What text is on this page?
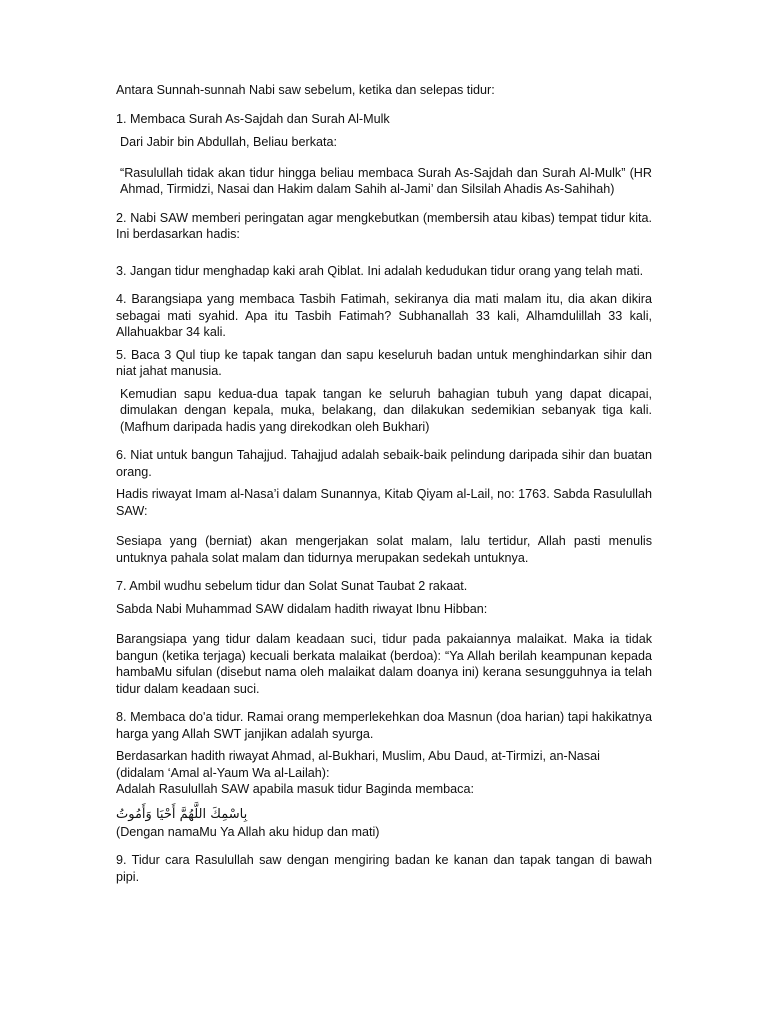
Antara Sunnah-sunnah Nabi saw sebelum, ketika dan selepas tidur:

1. Membaca Surah As-Sajdah dan Surah Al-Mulk

Dari Jabir bin Abdullah, Beliau berkata:

“Rasulullah tidak akan tidur hingga beliau membaca Surah As-Sajdah dan Surah Al-Mulk” (HR Ahmad, Tirmidzi, Nasai dan Hakim dalam Sahih al-Jami’ dan Silsilah Ahadis As-Sahihah)

2. Nabi SAW memberi peringatan agar mengkebutkan (membersih atau kibas) tempat tidur kita. Ini berdasarkan hadis:

3. Jangan tidur menghadap kaki arah Qiblat. Ini adalah kedudukan tidur orang yang telah mati.

4. Barangsiapa yang membaca Tasbih Fatimah, sekiranya dia mati malam itu, dia akan dikira sebagai mati syahid. Apa itu Tasbih Fatimah? Subhanallah 33 kali, Alhamdulillah 33 kali, Allahuakbar 34 kali.

5. Baca 3 Qul tiup ke tapak tangan dan sapu keseluruh badan untuk menghindarkan sihir dan niat jahat manusia.

Kemudian sapu kedua-dua tapak tangan ke seluruh bahagian tubuh yang dapat dicapai, dimulakan dengan kepala, muka, belakang, dan dilakukan sedemikian sebanyak tiga kali. (Mafhum daripada hadis yang direkodkan oleh Bukhari)

6. Niat untuk bangun Tahajjud. Tahajjud adalah sebaik-baik pelindung daripada sihir dan buatan orang.

Hadis riwayat Imam al-Nasa’i dalam Sunannya, Kitab Qiyam al-Lail, no: 1763. Sabda Rasulullah SAW:

Sesiapa yang (berniat) akan mengerjakan solat malam, lalu tertidur, Allah pasti menulis untuknya pahala solat malam dan tidurnya merupakan sedekah untuknya.

7. Ambil wudhu sebelum tidur dan Solat Sunat Taubat 2 rakaat.

Sabda Nabi Muhammad SAW didalam hadith riwayat Ibnu Hibban:

Barangsiapa yang tidur dalam keadaan suci, tidur pada pakaiannya malaikat. Maka ia tidak bangun (ketika terjaga) kecuali berkata malaikat (berdoa): “Ya Allah berilah keampunan kepada hambaMu sifulan (disebut nama oleh malaikat dalam doanya ini) kerana sesungguhnya ia telah tidur dalam keadaan suci.

8. Membaca do'a tidur. Ramai orang memperlekehkan doa Masnun (doa harian) tapi hakikatnya harga yang Allah SWT janjikan adalah syurga.

Berdasarkan hadith riwayat Ahmad, al-Bukhari, Muslim, Abu Daud, at-Tirmizi, an-Nasai

(didalam ‘Amal al-Yaum Wa al-Lailah):

Adalah Rasulullah SAW apabila masuk tidur Baginda membaca:

بِاسْمِكَ اللَّهُمَّ أَحْيَا وَأَمُوتُ

(Dengan namaMu Ya Allah aku hidup dan mati)

9. Tidur cara Rasulullah saw dengan mengiring badan ke kanan dan tapak tangan di bawah pipi.
